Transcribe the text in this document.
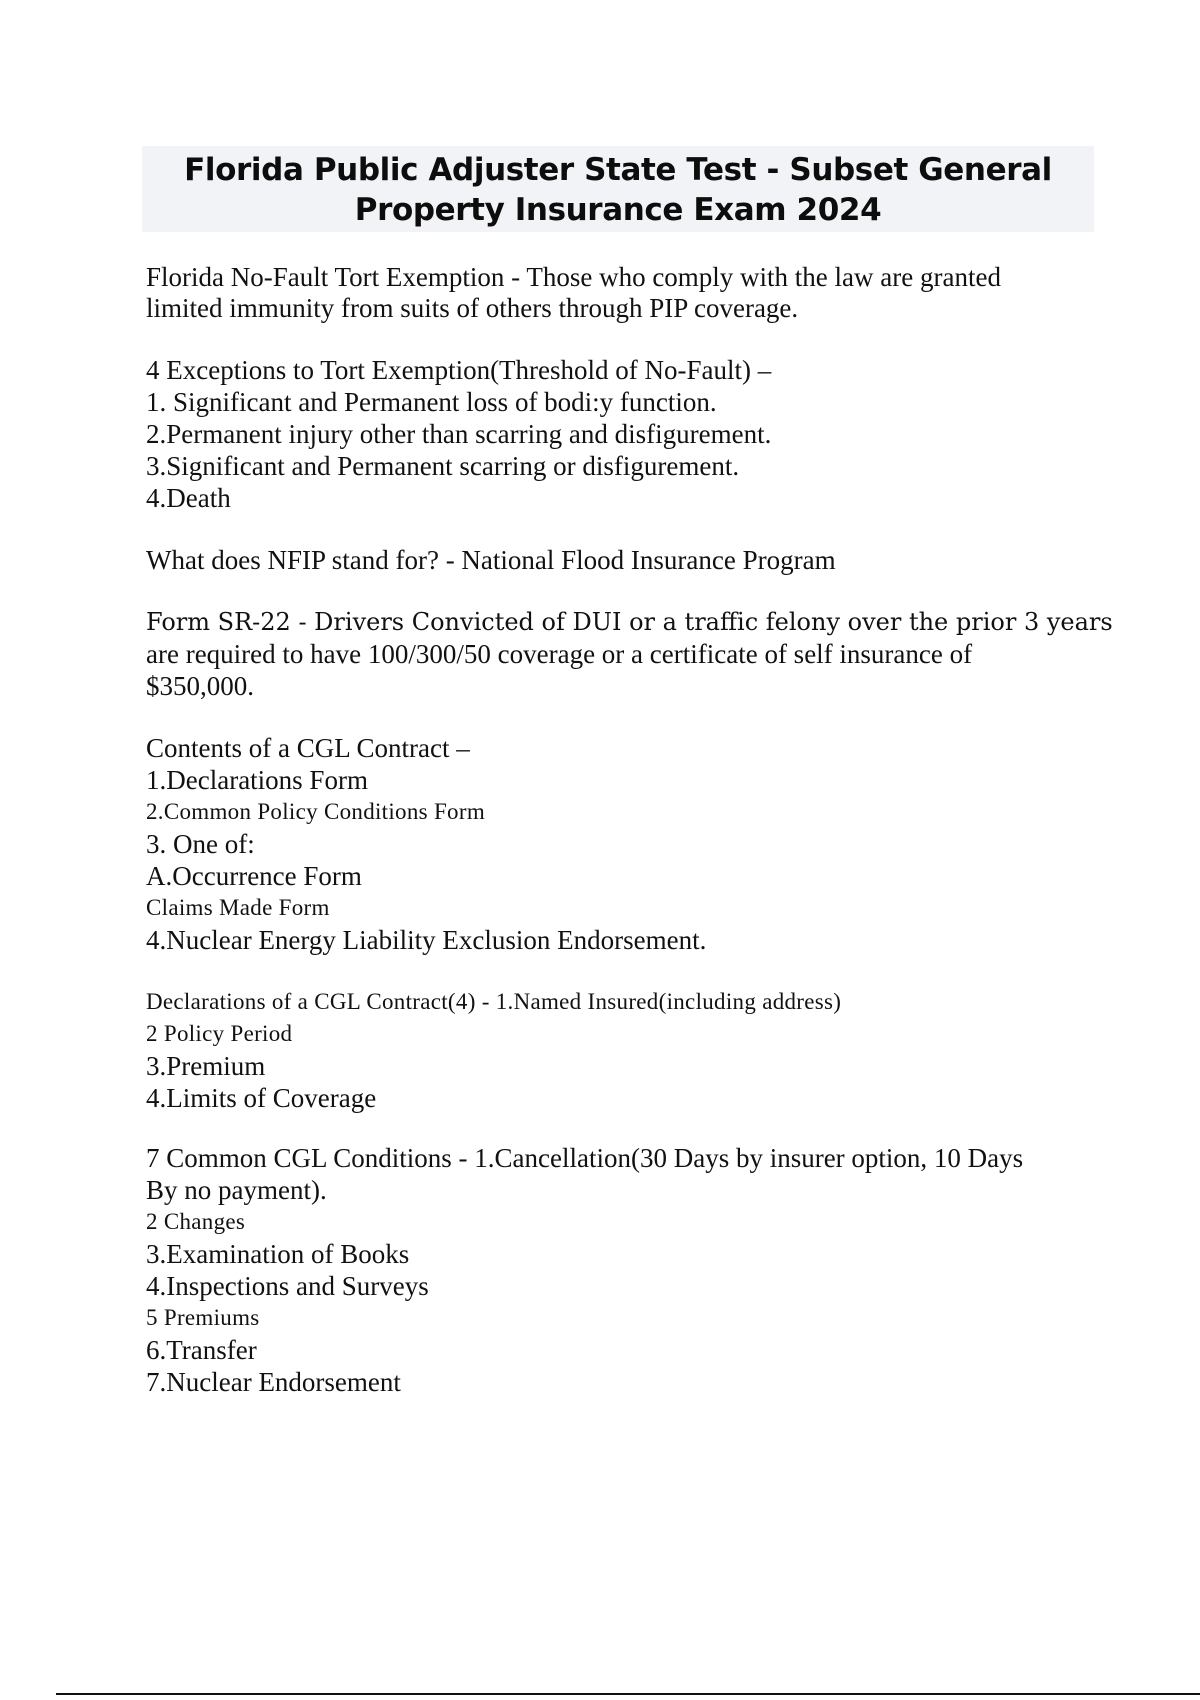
Florida Public Adjuster State Test - Subset General
Property Insurance Exam 2024
Florida No-Fault Tort Exemption - Those who comply with the law are granted
limited immunity from suits of others through PIP coverage.
4 Exceptions to Tort Exemption(Threshold of No-Fault) –
1. Significant and Permanent loss of bodi:y function.
2.Permanent injury other than scarring and disfigurement.
3.Significant and Permanent scarring or disfigurement.
4.Death
What does NFIP stand for? - National Flood Insurance Program
Form SR-22 - Drivers Convicted of DUI or a traffic felony over the prior 3 years
are required to have 100/300/50 coverage or a certificate of self insurance of
$350,000.
Contents of a CGL Contract –
1.Declarations Form
2.Common Policy Conditions Form
3. One of:
A.Occurrence Form
Claims Made Form
4.Nuclear Energy Liability Exclusion Endorsement.
Declarations of a CGL Contract(4) - 1.Named Insured(including address)
2 Policy Period
3.Premium
4.Limits of Coverage
7 Common CGL Conditions - 1.Cancellation(30 Days by insurer option, 10 Days
By no payment).
2 Changes
3.Examination of Books
4.Inspections and Surveys
5 Premiums
6.Transfer
7.Nuclear Endorsement
